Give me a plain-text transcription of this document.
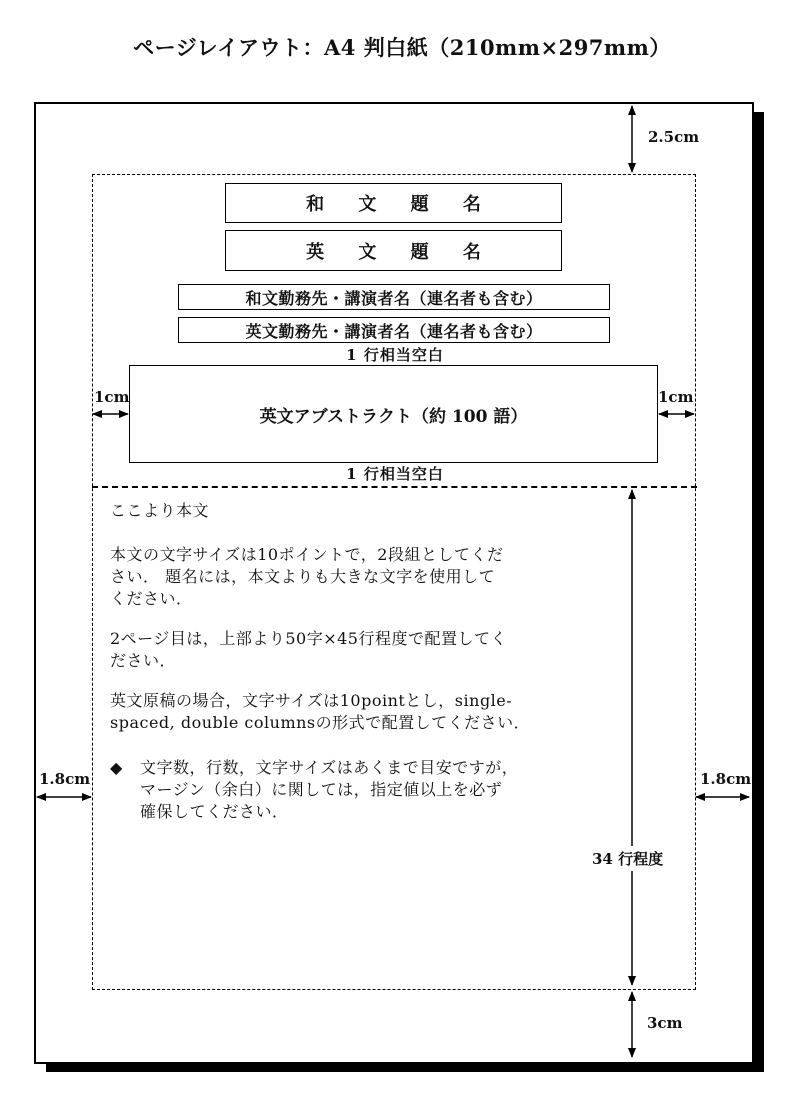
ページレイアウト：A4 判白紙（210mm×297mm）
和 文 題 名
英 文 題 名
和文勤務先・講演者名（連名者も含む）
英文勤務先・講演者名（連名者も含む）
1 行相当空白
英文アブストラクト（約 100 語）
1 行相当空白
2.5cm
1cm	1cm
1.8cm	1.8cm
34 行程度
3cm
ここより本文
本文の文字サイズは10ポイントで，2段組としてくだ
さい． 題名には，本文よりも大きな文字を使用して
ください．
2ページ目は，上部より50字×45行程度で配置してく
ださい．
英文原稿の場合，文字サイズは10pointとし，single-
spaced, double columnsの形式で配置してください．
◆ 文字数，行数，文字サイズはあくまで目安ですが，
マージン（余白）に関しては，指定値以上を必ず
確保してください．
